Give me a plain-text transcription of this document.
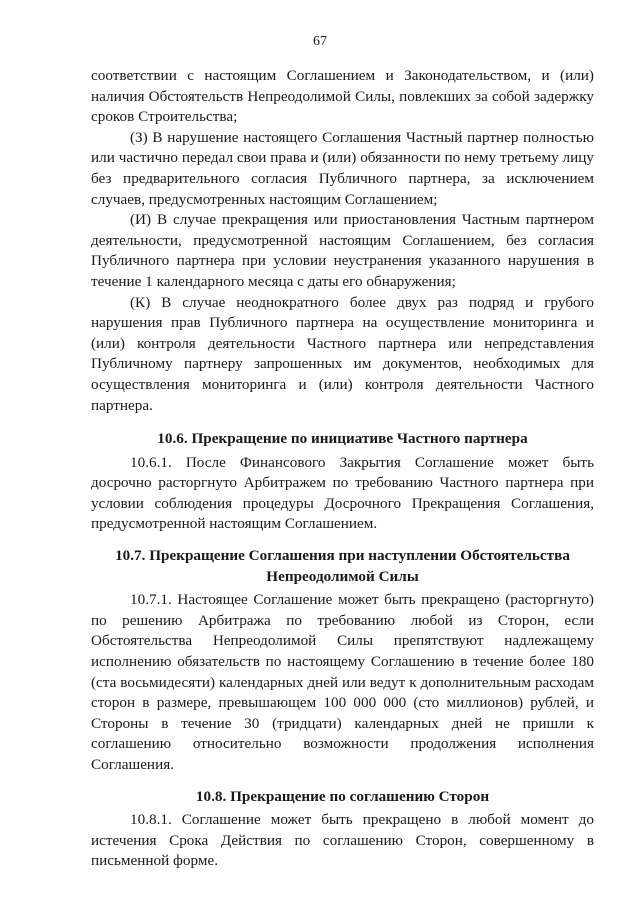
67

соответствии с настоящим Соглашением и Законодательством, и (или) наличия Обстоятельств Непреодолимой Силы, повлекших за собой задержку сроков Строительства;

(З) В нарушение настоящего Соглашения Частный партнер полностью или частично передал свои права и (или) обязанности по нему третьему лицу без предварительного согласия Публичного партнера, за исключением случаев, предусмотренных настоящим Соглашением;

(И) В случае прекращения или приостановления Частным партнером деятельности, предусмотренной настоящим Соглашением, без согласия Публичного партнера при условии неустранения указанного нарушения в течение 1 календарного месяца с даты его обнаружения;

(К) В случае неоднократного более двух раз подряд и грубого нарушения прав Публичного партнера на осуществление мониторинга и (или) контроля деятельности Частного партнера или непредставления Публичному партнеру запрошенных им документов, необходимых для осуществления мониторинга и (или) контроля деятельности Частного партнера.

10.6. Прекращение по инициативе Частного партнера

10.6.1. После Финансового Закрытия Соглашение может быть досрочно расторгнуто Арбитражем по требованию Частного партнера при условии соблюдения процедуры Досрочного Прекращения Соглашения, предусмотренной настоящим Соглашением.

10.7. Прекращение Соглашения при наступлении Обстоятельства Непреодолимой Силы

10.7.1. Настоящее Соглашение может быть прекращено (расторгнуто) по решению Арбитража по требованию любой из Сторон, если Обстоятельства Непреодолимой Силы препятствуют надлежащему исполнению обязательств по настоящему Соглашению в течение более 180 (ста восьмидесяти) календарных дней или ведут к дополнительным расходам сторон в размере, превышающем 100 000 000 (сто миллионов) рублей, и Стороны в течение 30 (тридцати) календарных дней не пришли к соглашению относительно возможности продолжения исполнения Соглашения.

10.8. Прекращение по соглашению Сторон

10.8.1. Соглашение может быть прекращено в любой момент до истечения Срока Действия по соглашению Сторон, совершенному в письменной форме.
